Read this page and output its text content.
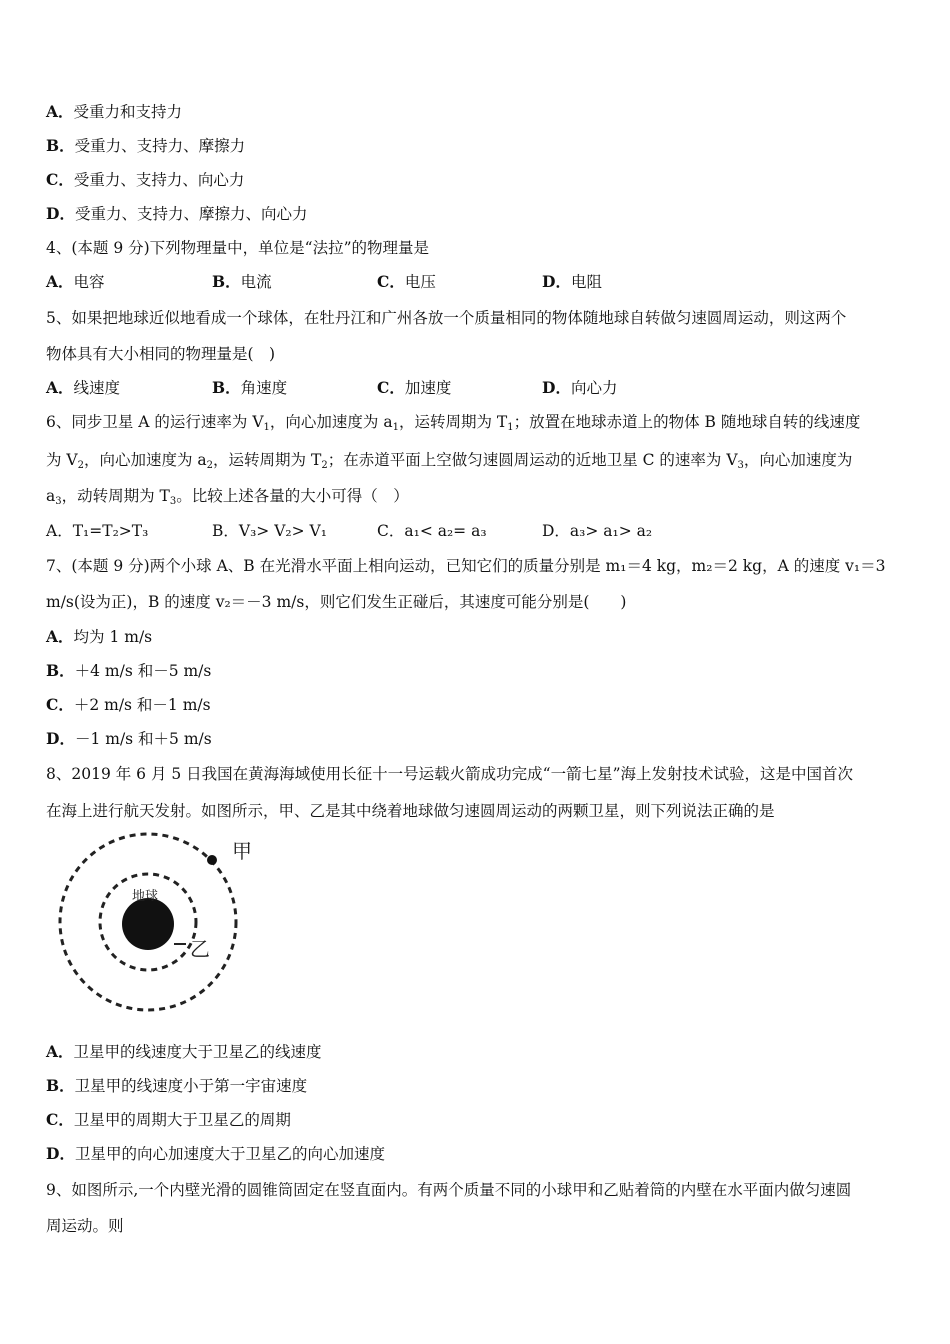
A．受重力和支持力
B．受重力、支持力、摩擦力
C．受重力、支持力、向心力
D．受重力、支持力、摩擦力、向心力
4、(本题 9 分)下列物理量中，单位是“法拉”的物理量是
A．电容	B．电流	C．电压	D．电阻
5、如果把地球近似地看成一个球体，在牡丹江和广州各放一个质量相同的物体随地球自转做匀速圆周运动，则这两个
物体具有大小相同的物理量是(　)
A．线速度	B．角速度	C．加速度	D．向心力
6、同步卫星 A 的运行速率为 $V_1$，向心加速度为 $a_1$，运转周期为 $T_1$；放置在地球赤道上的物体 B 随地球自转的线速度
为 $V_2$，向心加速度为 $a_2$，运转周期为 $T_2$；在赤道平面上空做匀速圆周运动的近地卫星 C 的速率为 $V_3$，向心加速度为
$a_3$，动转周期为 $T_3$。比较上述各量的大小可得（　）
A．T₁=T₂>T₃	B．V₃> V₂> V₁	C．a₁< a₂= a₃	D．a₃> a₁> a₂
7、(本题 9 分)两个小球 A、B 在光滑水平面上相向运动，已知它们的质量分别是 m₁＝4 kg，m₂＝2 kg，A 的速度 v₁＝3
m/s(设为正)，B 的速度 v₂＝－3 m/s，则它们发生正碰后，其速度可能分别是(　　)
A．均为 1 m/s
B．＋4 m/s 和－5 m/s
C．＋2 m/s 和－1 m/s
D．－1 m/s 和＋5 m/s
8、2019 年 6 月 5 日我国在黄海海域使用长征十一号运载火箭成功完成“一箭七星”海上发射技术试验，这是中国首次
在海上进行航天发射。如图所示，甲、乙是其中绕着地球做匀速圆周运动的两颗卫星，则下列说法正确的是
地球
甲
乙
A．卫星甲的线速度大于卫星乙的线速度
B．卫星甲的线速度小于第一宇宙速度
C．卫星甲的周期大于卫星乙的周期
D．卫星甲的向心加速度大于卫星乙的向心加速度
9、如图所示,一个内壁光滑的圆锥筒固定在竖直面内。有两个质量不同的小球甲和乙贴着筒的内壁在水平面内做匀速圆
周运动。则
